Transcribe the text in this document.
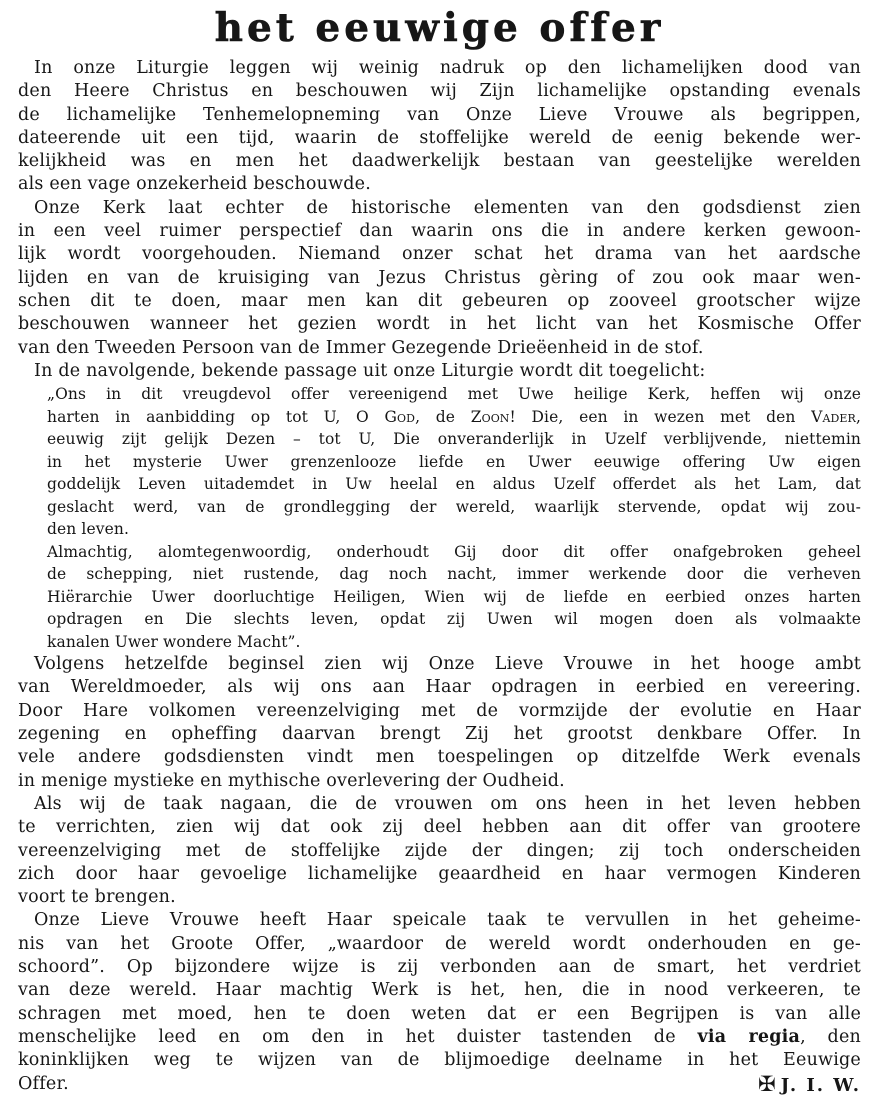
het eeuwige offer
In onze Liturgie leggen wij weinig nadruk op den lichamelijken dood van
den Heere Christus en beschouwen wij Zijn lichamelijke opstanding evenals
de lichamelijke Tenhemelopneming van Onze Lieve Vrouwe als begrippen,
dateerende uit een tijd, waarin de stoffelijke wereld de eenig bekende wer-
kelijkheid was en men het daadwerkelijk bestaan van geestelijke werelden
als een vage onzekerheid beschouwde.
Onze Kerk laat echter de historische elementen van den godsdienst zien
in een veel ruimer perspectief dan waarin ons die in andere kerken gewoon-
lijk wordt voorgehouden. Niemand onzer schat het drama van het aardsche
lijden en van de kruisiging van Jezus Christus gèring of zou ook maar wen-
schen dit te doen, maar men kan dit gebeuren op zooveel grootscher wijze
beschouwen wanneer het gezien wordt in het licht van het Kosmische Offer
van den Tweeden Persoon van de Immer Gezegende Drieëenheid in de stof.
In de navolgende, bekende passage uit onze Liturgie wordt dit toegelicht:
„Ons in dit vreugdevol offer vereenigend met Uwe heilige Kerk, heffen wij onze
harten in aanbidding op tot U, O God, de Zoon! Die, een in wezen met den Vader,
eeuwig zijt gelijk Dezen – tot U, Die onveranderlijk in Uzelf verblijvende, niettemin
in het mysterie Uwer grenzenlooze liefde en Uwer eeuwige offering Uw eigen
goddelijk Leven uitademdet in Uw heelal en aldus Uzelf offerdet als het Lam, dat
geslacht werd, van de grondlegging der wereld, waarlijk stervende, opdat wij zou-
den leven.
Almachtig, alomtegenwoordig, onderhoudt Gij door dit offer onafgebroken geheel
de schepping, niet rustende, dag noch nacht, immer werkende door die verheven
Hiërarchie Uwer doorluchtige Heiligen, Wien wij de liefde en eerbied onzes harten
opdragen en Die slechts leven, opdat zij Uwen wil mogen doen als volmaakte
kanalen Uwer wondere Macht”.
Volgens hetzelfde beginsel zien wij Onze Lieve Vrouwe in het hooge ambt
van Wereldmoeder, als wij ons aan Haar opdragen in eerbied en vereering.
Door Hare volkomen vereenzelviging met de vormzijde der evolutie en Haar
zegening en opheffing daarvan brengt Zij het grootst denkbare Offer. In
vele andere godsdiensten vindt men toespelingen op ditzelfde Werk evenals
in menige mystieke en mythische overlevering der Oudheid.
Als wij de taak nagaan, die de vrouwen om ons heen in het leven hebben
te verrichten, zien wij dat ook zij deel hebben aan dit offer van grootere
vereenzelviging met de stoffelijke zijde der dingen; zij toch onderscheiden
zich door haar gevoelige lichamelijke geaardheid en haar vermogen Kinderen
voort te brengen.
Onze Lieve Vrouwe heeft Haar speicale taak te vervullen in het geheime-
nis van het Groote Offer, „waardoor de wereld wordt onderhouden en ge-
schoord”. Op bijzondere wijze is zij verbonden aan de smart, het verdriet
van deze wereld. Haar machtig Werk is het, hen, die in nood verkeeren, te
schragen met moed, hen te doen weten dat er een Begrijpen is van alle
menschelijke leed en om den in het duister tastenden de via regia, den
koninklijken weg te wijzen van de blijmoedige deelname in het Eeuwige
✠ J. I. W.
Offer.
